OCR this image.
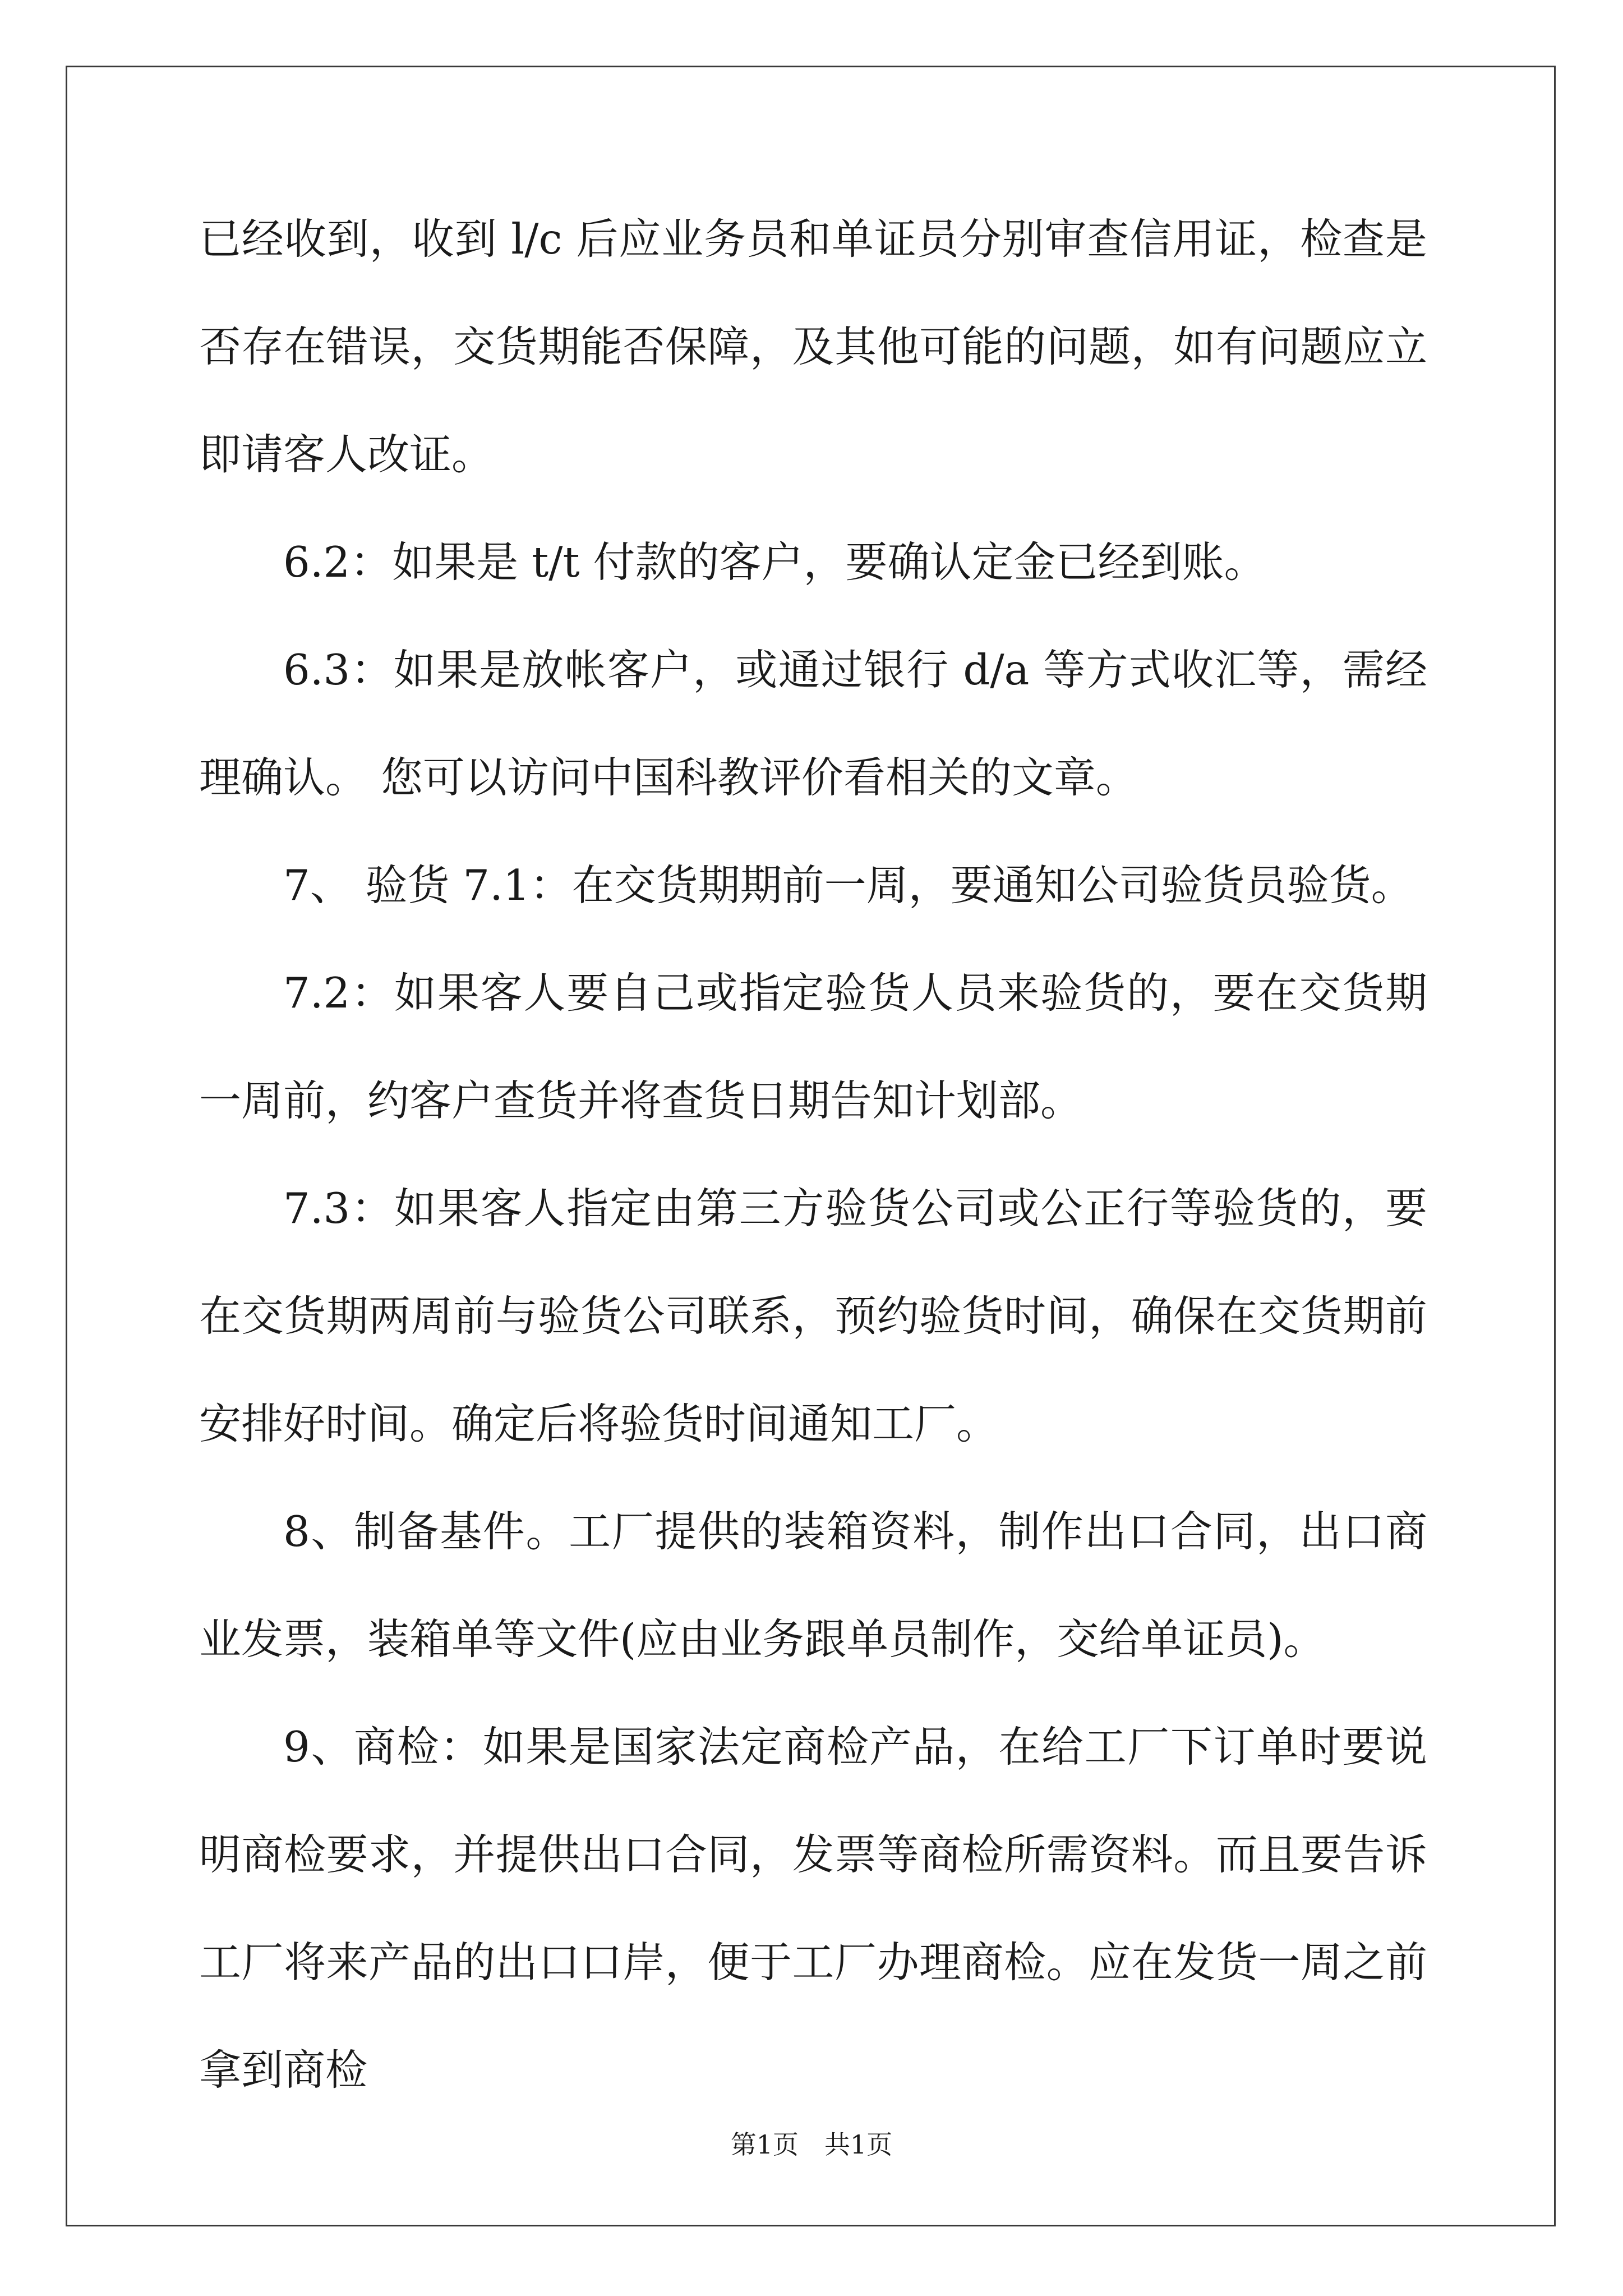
已经收到，收到 l/c 后应业务员和单证员分别审查信用证，检查是否存在错误，交货期能否保障，及其他可能的问题，如有问题应立即请客人改证。

6.2：如果是 t/t 付款的客户，要确认定金已经到账。

6.3：如果是放帐客户，或通过银行 d/a 等方式收汇等，需经理确认。 您可以访问中国科教评价看相关的文章。

7、 验货 7.1：在交货期期前一周，要通知公司验货员验货。

7.2：如果客人要自己或指定验货人员来验货的，要在交货期一周前，约客户查货并将查货日期告知计划部。

7.3：如果客人指定由第三方验货公司或公正行等验货的，要在交货期两周前与验货公司联系，预约验货时间，确保在交货期前安排好时间。确定后将验货时间通知工厂。

8、制备基件。工厂提供的装箱资料，制作出口合同，出口商业发票，装箱单等文件(应由业务跟单员制作，交给单证员)。

9、商检：如果是国家法定商检产品，在给工厂下订单时要说明商检要求，并提供出口合同，发票等商检所需资料。而且要告诉工厂将来产品的出口口岸，便于工厂办理商检。应在发货一周之前拿到商检

第1页　共1页
